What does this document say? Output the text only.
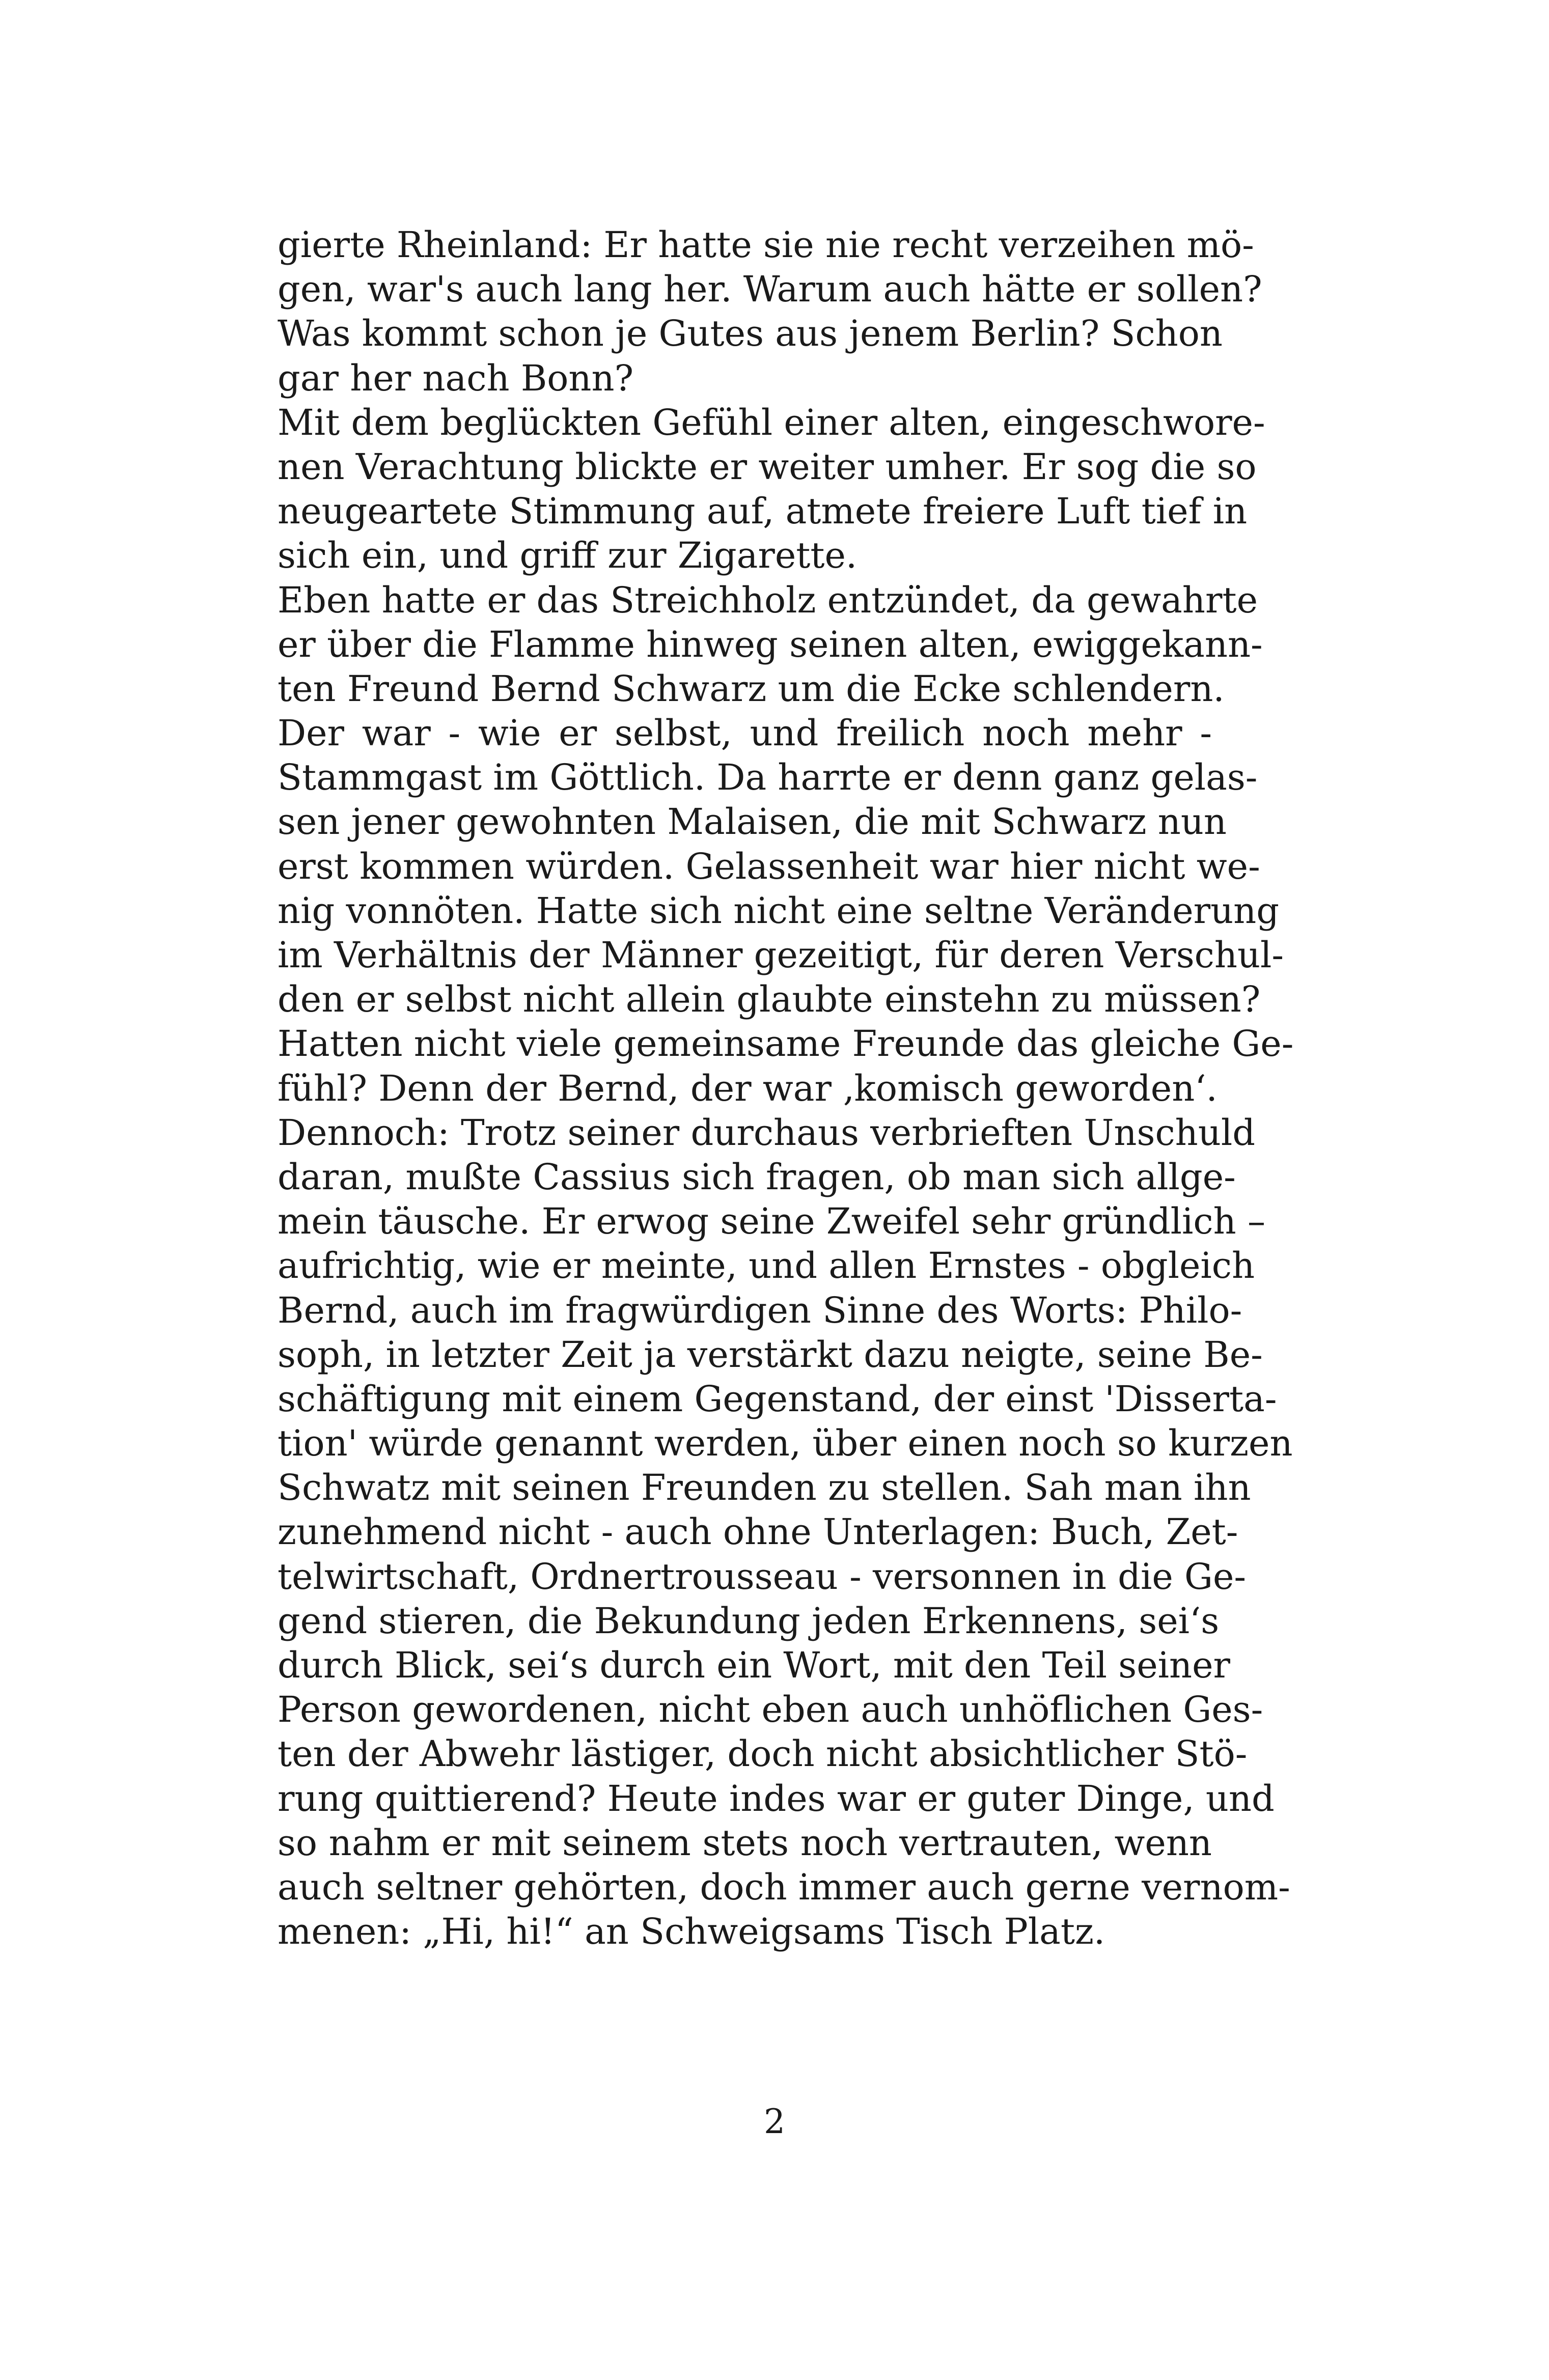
gierte Rheinland: Er hatte sie nie recht verzeihen mö-
gen, war's auch lang her. Warum auch hätte er sollen?
Was kommt schon je Gutes aus jenem Berlin? Schon
gar her nach Bonn?
Mit dem beglückten Gefühl einer alten, eingeschwore-
nen Verachtung blickte er weiter umher. Er sog die so
neugeartete Stimmung auf, atmete freiere Luft tief in
sich ein, und griff zur Zigarette.
Eben hatte er das Streichholz entzündet, da gewahrte
er über die Flamme hinweg seinen alten, ewiggekann-
ten Freund Bernd Schwarz um die Ecke schlendern.
Der war - wie er selbst, und freilich noch mehr -
Stammgast im Göttlich. Da harrte er denn ganz gelas-
sen jener gewohnten Malaisen, die mit Schwarz nun
erst kommen würden. Gelassenheit war hier nicht we-
nig vonnöten. Hatte sich nicht eine seltne Veränderung
im Verhältnis der Männer gezeitigt, für deren Verschul-
den er selbst nicht allein glaubte einstehn zu müssen?
Hatten nicht viele gemeinsame Freunde das gleiche Ge-
fühl? Denn der Bernd, der war ‚komisch geworden‘.
Dennoch: Trotz seiner durchaus verbrieften Unschuld
daran, mußte Cassius sich fragen, ob man sich allge-
mein täusche. Er erwog seine Zweifel sehr gründlich –
aufrichtig, wie er meinte, und allen Ernstes - obgleich
Bernd, auch im fragwürdigen Sinne des Worts: Philo-
soph, in letzter Zeit ja verstärkt dazu neigte, seine Be-
schäftigung mit einem Gegenstand, der einst 'Disserta-
tion' würde genannt werden, über einen noch so kurzen
Schwatz mit seinen Freunden zu stellen. Sah man ihn
zunehmend nicht - auch ohne Unterlagen: Buch, Zet-
telwirtschaft, Ordnertrousseau - versonnen in die Ge-
gend stieren, die Bekundung jeden Erkennens, sei‘s
durch Blick, sei‘s durch ein Wort, mit den Teil seiner
Person gewordenen, nicht eben auch unhöflichen Ges-
ten der Abwehr lästiger, doch nicht absichtlicher Stö-
rung quittierend? Heute indes war er guter Dinge, und
so nahm er mit seinem stets noch vertrauten, wenn
auch seltner gehörten, doch immer auch gerne vernom-
menen: „Hi, hi!“ an Schweigsams Tisch Platz.
2
